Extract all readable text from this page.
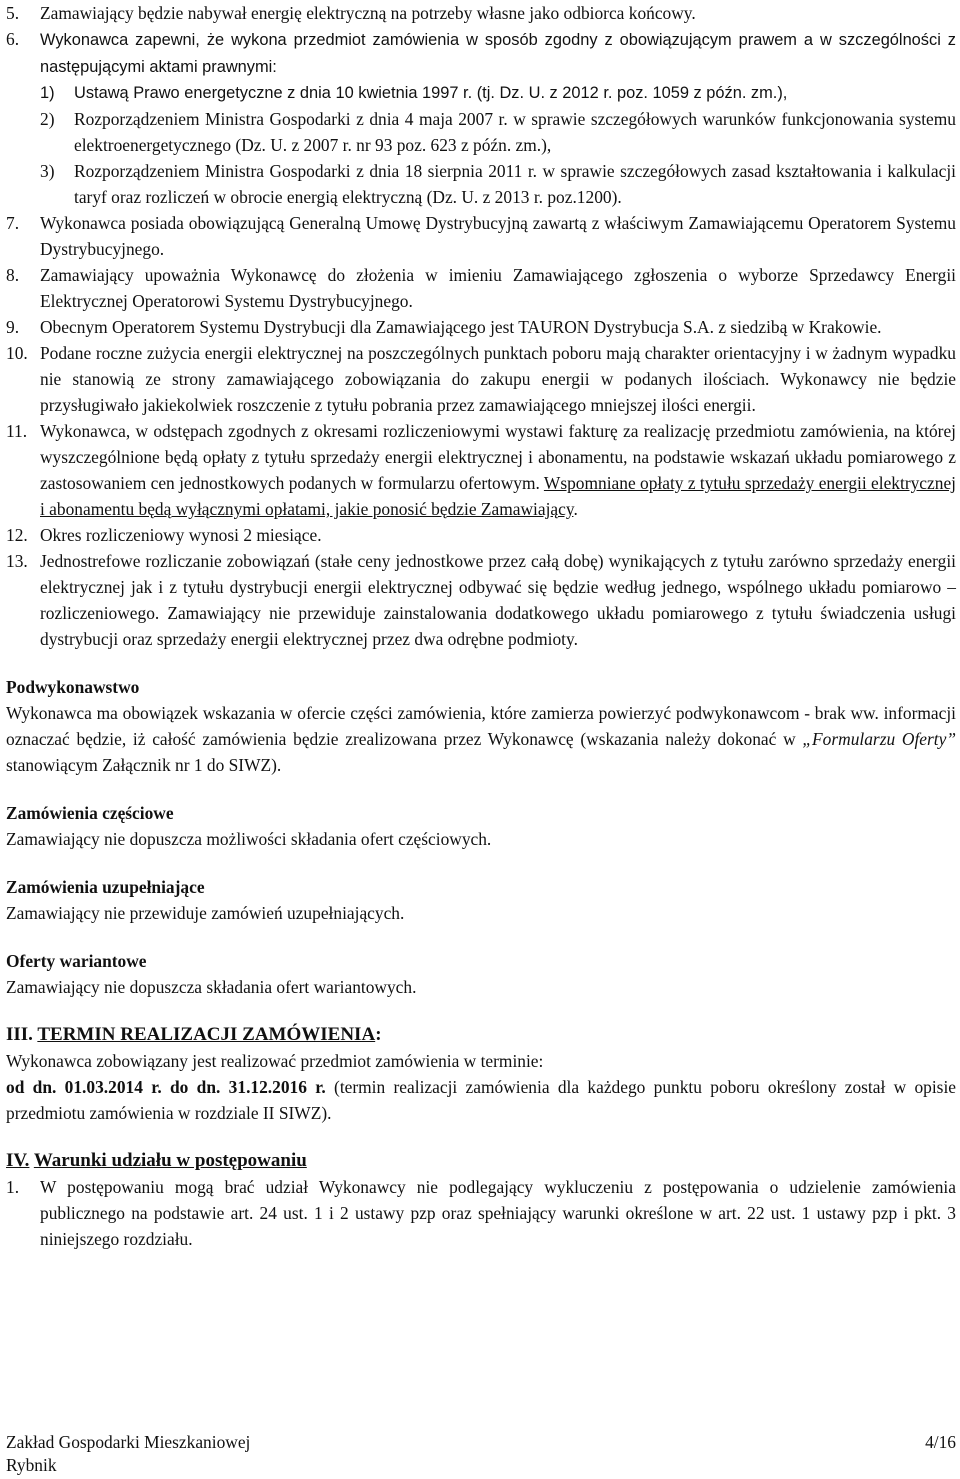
5. Zamawiający będzie nabywał energię elektryczną na potrzeby własne jako odbiorca końcowy.

6. Wykonawca zapewni, że wykona przedmiot zamówienia w sposób zgodny z obowiązującym prawem a w szczególności z następującymi aktami prawnymi:

1)	Ustawą Prawo energetyczne z dnia 10 kwietnia 1997 r. (tj. Dz. U. z 2012 r. poz. 1059 z późn. zm.),

2)	Rozporządzeniem Ministra Gospodarki z dnia 4 maja 2007 r. w sprawie szczegółowych warunków funkcjonowania systemu elektroenergetycznego (Dz. U. z 2007 r. nr 93 poz. 623 z późn. zm.),

3)	Rozporządzeniem Ministra Gospodarki z dnia 18 sierpnia 2011 r. w sprawie szczegółowych zasad kształtowania i kalkulacji taryf oraz rozliczeń w obrocie energią elektryczną (Dz. U. z 2013 r. poz.1200).

7. Wykonawca posiada obowiązującą Generalną Umowę Dystrybucyjną zawartą z właściwym Zamawiającemu Operatorem Systemu Dystrybucyjnego.

8. Zamawiający upoważnia Wykonawcę do złożenia w imieniu Zamawiającego zgłoszenia o wyborze Sprzedawcy Energii Elektrycznej Operatorowi Systemu Dystrybucyjnego.

9. Obecnym Operatorem Systemu Dystrybucji dla Zamawiającego jest TAURON Dystrybucja S.A. z siedzibą w Krakowie.

10. Podane roczne zużycia energii elektrycznej na poszczególnych punktach poboru mają charakter orientacyjny i w żadnym wypadku nie stanowią ze strony zamawiającego zobowiązania do zakupu energii w podanych ilościach. Wykonawcy nie będzie przysługiwało jakiekolwiek roszczenie z tytułu pobrania przez zamawiającego mniejszej ilości energii.

11. Wykonawca, w odstępach zgodnych z okresami rozliczeniowymi wystawi fakturę za realizację przedmiotu zamówienia, na której wyszczególnione będą opłaty z tytułu sprzedaży energii elektrycznej i abonamentu, na podstawie wskazań układu pomiarowego z zastosowaniem cen jednostkowych podanych w formularzu ofertowym. Wspomniane opłaty z tytułu sprzedaży energii elektrycznej i abonamentu będą wyłącznymi opłatami, jakie ponosić będzie Zamawiający.

12. Okres rozliczeniowy wynosi 2 miesiące.

13. Jednostrefowe rozliczanie zobowiązań (stałe ceny jednostkowe przez całą dobę) wynikających z tytułu zarówno sprzedaży energii elektrycznej jak i z tytułu dystrybucji energii elektrycznej odbywać się będzie według jednego, wspólnego układu pomiarowo – rozliczeniowego. Zamawiający nie przewiduje zainstalowania dodatkowego układu pomiarowego z tytułu świadczenia usługi dystrybucji oraz sprzedaży energii elektrycznej przez dwa odrębne podmioty.

Podwykonawstwo

Wykonawca ma obowiązek wskazania w ofercie części zamówienia, które zamierza powierzyć podwykonawcom - brak ww. informacji oznaczać będzie, iż całość zamówienia będzie zrealizowana przez Wykonawcę (wskazania należy dokonać w „Formularzu Oferty” stanowiącym Załącznik nr 1 do SIWZ).

Zamówienia częściowe

Zamawiający nie dopuszcza możliwości składania ofert częściowych.

Zamówienia uzupełniające

Zamawiający nie przewiduje zamówień uzupełniających.

Oferty wariantowe

Zamawiający nie dopuszcza składania ofert wariantowych.

III. TERMIN REALIZACJI ZAMÓWIENIA:

Wykonawca zobowiązany jest realizować przedmiot zamówienia w terminie:

od dn. 01.03.2014 r. do dn. 31.12.2016 r. (termin realizacji zamówienia dla każdego punktu poboru określony został w opisie przedmiotu zamówienia w rozdziale II SIWZ).

IV. Warunki udziału w postępowaniu

1. W postępowaniu mogą brać udział Wykonawcy nie podlegający wykluczeniu z postępowania o udzielenie zamówienia publicznego na podstawie art. 24 ust. 1 i 2 ustawy pzp oraz spełniający warunki określone w art. 22 ust. 1 ustawy pzp i pkt. 3 niniejszego rozdziału.

Zakład Gospodarki Mieszkaniowej
Rybnik
4/16
